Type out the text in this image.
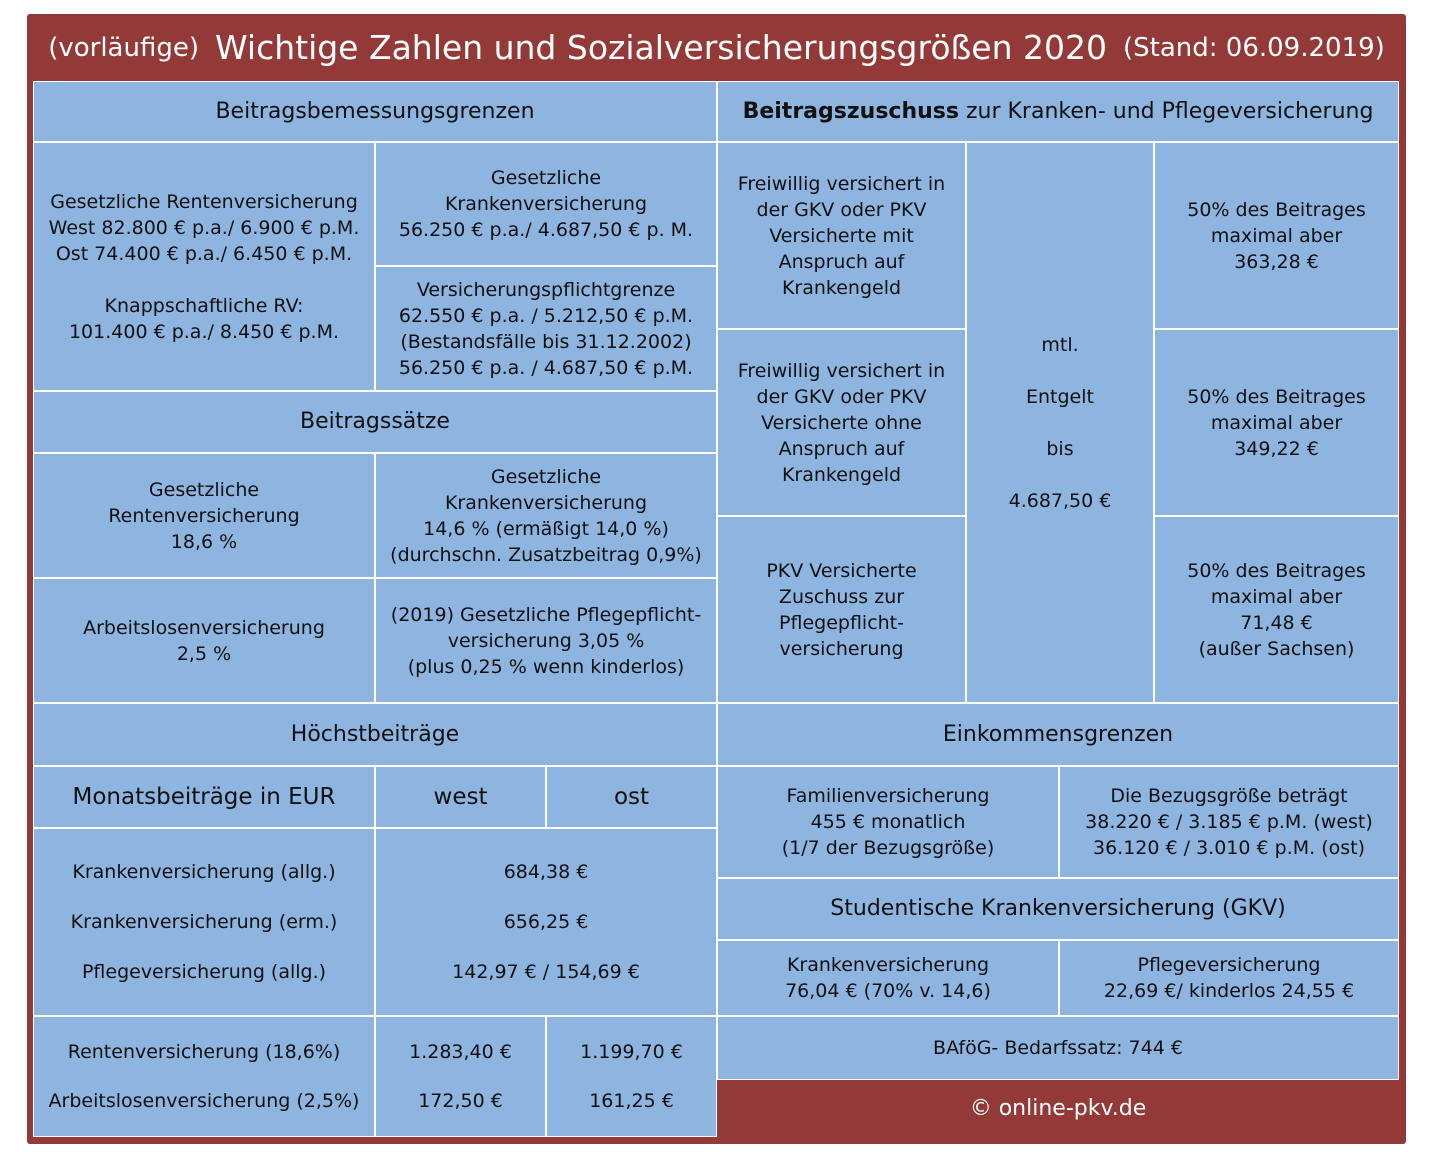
(vorläufige) Wichtige Zahlen und Sozialversicherungsgrößen 2020 (Stand: 06.09.2019)
Beitragsbemessungsgrenzen
Gesetzliche Rentenversicherung
West 82.800 € p.a./ 6.900 € p.M.
Ost 74.400 € p.a./ 6.450 € p.M.
Knappschaftliche RV:
101.400 € p.a./ 8.450 € p.M.
Gesetzliche
Krankenversicherung
56.250 € p.a./ 4.687,50 € p. M.
Versicherungspflichtgrenze
62.550 € p.a. / 5.212,50 € p.M.
(Bestandsfälle bis 31.12.2002)
56.250 € p.a. / 4.687,50 € p.M.
Beitragssätze
Gesetzliche
Rentenversicherung
18,6 %
Gesetzliche
Krankenversicherung
14,6 % (ermäßigt 14,0 %)
(durchschn. Zusatzbeitrag 0,9%)
Arbeitslosenversicherung
2,5 %
(2019) Gesetzliche Pflegepflicht-
versicherung 3,05 %
(plus 0,25 % wenn kinderlos)
Beitragszuschuss zur Kranken- und Pflegeversicherung
Freiwillig versichert in
der GKV oder PKV
Versicherte mit
Anspruch auf
Krankengeld
Freiwillig versichert in
der GKV oder PKV
Versicherte ohne
Anspruch auf
Krankengeld
PKV Versicherte
Zuschuss zur
Pflegepflicht-
versicherung
mtl.
Entgelt
bis
4.687,50 €
50% des Beitrages
maximal aber
363,28 €
50% des Beitrages
maximal aber
349,22 €
50% des Beitrages
maximal aber
71,48 €
(außer Sachsen)
Höchstbeiträge
Monatsbeiträge in EUR	west	ost
Krankenversicherung (allg.)
Krankenversicherung (erm.)
Pflegeversicherung (allg.)
684,38 €
656,25 €
142,97 € / 154,69 €
Rentenversicherung (18,6%)
Arbeitslosenversicherung (2,5%)
1.283,40 €
172,50 €
1.199,70 €
161,25 €
Einkommensgrenzen
Familienversicherung
455 € monatlich
(1/7 der Bezugsgröße)
Die Bezugsgröße beträgt
38.220 € / 3.185 € p.M. (west)
36.120 € / 3.010 € p.M. (ost)
Studentische Krankenversicherung (GKV)
Krankenversicherung
76,04 € (70% v. 14,6)
Pflegeversicherung
22,69 €/ kinderlos 24,55 €
BAföG- Bedarfssatz: 744 €
© online-pkv.de
